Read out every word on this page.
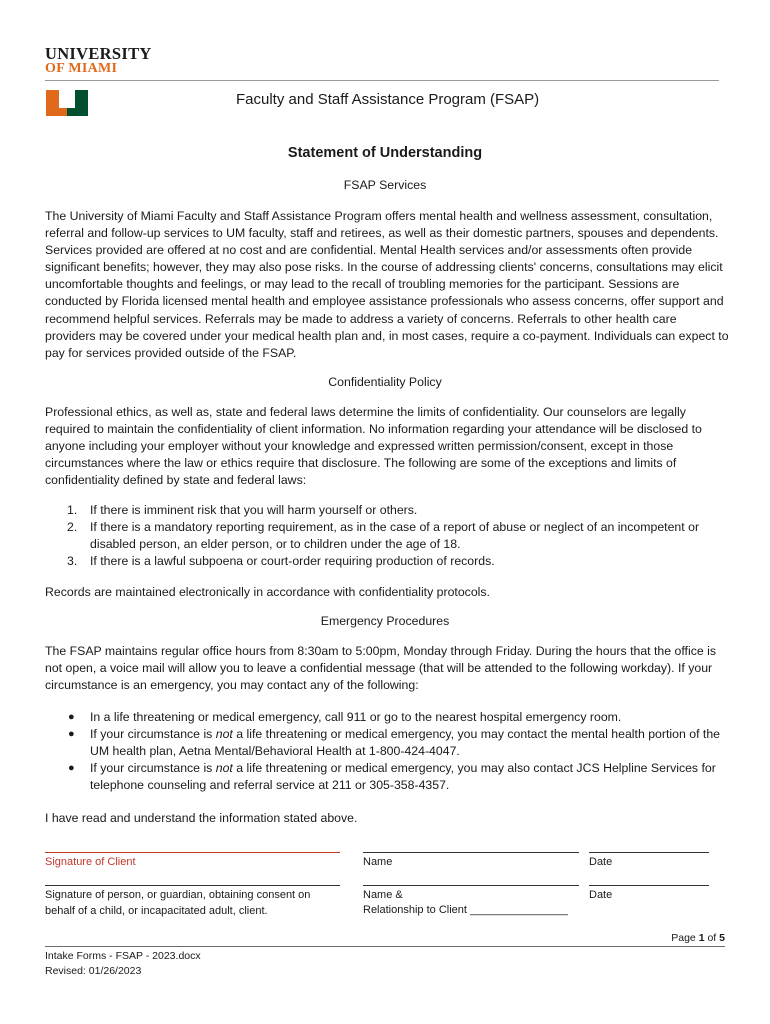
UNIVERSITY
OF MIAMI
Faculty and Staff Assistance Program (FSAP)
Statement of Understanding
FSAP Services

The University of Miami Faculty and Staff Assistance Program offers mental health and wellness assessment, consultation, referral and follow-up services to UM faculty, staff and retirees, as well as their domestic partners, spouses and dependents. Services provided are offered at no cost and are confidential. Mental Health services and/or assessments often provide significant benefits; however, they may also pose risks. In the course of addressing clients' concerns, consultations may elicit uncomfortable thoughts and feelings, or may lead to the recall of troubling memories for the participant. Sessions are conducted by Florida licensed mental health and employee assistance professionals who assess concerns, offer support and recommend helpful services. Referrals may be made to address a variety of concerns. Referrals to other health care providers may be covered under your medical health plan and, in most cases, require a co-payment. Individuals can expect to pay for services provided outside of the FSAP.

Confidentiality Policy

Professional ethics, as well as, state and federal laws determine the limits of confidentiality. Our counselors are legally required to maintain the confidentiality of client information. No information regarding your attendance will be disclosed to anyone including your employer without your knowledge and expressed written permission/consent, except in those circumstances where the law or ethics require that disclosure. The following are some of the exceptions and limits of confidentiality defined by state and federal laws:

1. If there is imminent risk that you will harm yourself or others.
2. If there is a mandatory reporting requirement, as in the case of a report of abuse or neglect of an incompetent or disabled person, an elder person, or to children under the age of 18.
3. If there is a lawful subpoena or court-order requiring production of records.

Records are maintained electronically in accordance with confidentiality protocols.

Emergency Procedures

The FSAP maintains regular office hours from 8:30am to 5:00pm, Monday through Friday. During the hours that the office is not open, a voice mail will allow you to leave a confidential message (that will be attended to the following workday). If your circumstance is an emergency, you may contact any of the following:

● In a life threatening or medical emergency, call 911 or go to the nearest hospital emergency room.
● If your circumstance is not a life threatening or medical emergency, you may contact the mental health portion of the UM health plan, Aetna Mental/Behavioral Health at 1-800-424-4047.
● If your circumstance is not a life threatening or medical emergency, you may also contact JCS Helpline Services for telephone counseling and referral service at 211 or 305-358-4357.

I have read and understand the information stated above.

Signature of Client	Name	Date
Signature of person, or guardian, obtaining consent on behalf of a child, or incapacitated adult, client.
Name &
Relationship to Client ________________
Date
Page 1 of 5
Intake Forms - FSAP - 2023.docx
Revised: 01/26/2023
